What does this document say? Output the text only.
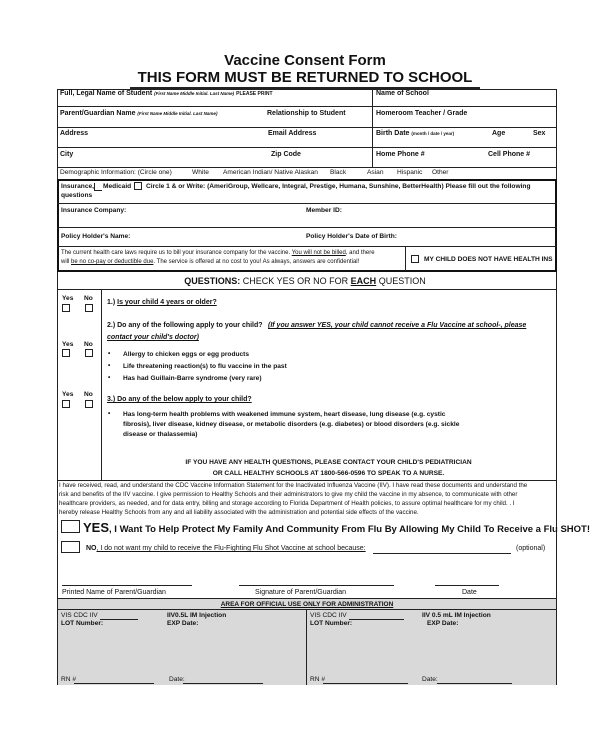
Vaccine Consent Form
THIS FORM MUST BE RETURNED TO SCHOOL
Full, Legal Name of Student (First Name Middle Initial. Last Name) PLEASE PRINT	Name of School
Parent/Guardian Name (First Name Middle Initial. Last Name)	Relationship to Student	Homeroom Teacher / Grade
Address	Email Address	Birth Date (month / date / year)	Age	Sex
City	Zip Code	Home Phone #	Cell Phone #
Demographic Information: (Circle one)	White American Indian/ Native Alaskan Black	Asian Hispanic Other
Insurance, Medicaid Circle 1 & or Write: (AmeriGroup, Wellcare, Integral, Prestige, Humana, Sunshine, BetterHealth) Please fill out the following
questions
Insurance Company:	Member ID:
Policy Holder's Name:	Policy Holder's Date of Birth:
The current health care laws require us to bill your insurance company for the vaccine. You will not be billed, and there
will be no co-pay or deductible due. The service is offered at no cost to you! As always, answers are confidential!	MY CHILD DOES NOT HAVE HEALTH INS
QUESTIONS: CHECK YES OR NO FOR EACH QUESTION
Yes No
1.) Is your child 4 years or older?
2.) Do any of the following apply to your child? (If you answer YES, your child cannot receive a Flu Vaccine at school-, please
contact your child's doctor)
Yes No
• Allergy to chicken eggs or egg products
• Life threatening reaction(s) to flu vaccine in the past
• Has had Guillain-Barre syndrome (very rare)
Yes No
3.) Do any of the below apply to your child?
• Has long-term health problems with weakened immune system, heart disease, lung disease (e.g. cystic
fibrosis), liver disease, kidney disease, or metabolic disorders (e.g. diabetes) or blood disorders (e.g. sickle
disease or thalassemia)
IF YOU HAVE ANY HEALTH QUESTIONS, PLEASE CONTACT YOUR CHILD'S PEDIATRICIAN
OR CALL HEALTHY SCHOOLS AT 1800-566-0596 TO SPEAK TO A NURSE.
I have received, read, and understand the CDC Vaccine Information Statement for the Inactivated Influenza Vaccine (IIV). I have read these documents and understand the
risk and benefits of the IIV vaccine. I give permission to Healthy Schools and their administrators to give my child the vaccine in my absence, to communicate with other
healthcare providers, as needed, and for data entry, billing and storage according to Florida Department of Health policies, to assure optimal healthcare for my child. . I
hereby release Healthy Schools from any and all liability associated with the administration and potential side effects of the vaccine.
YES, I Want To Help Protect My Family And Community From Flu By Allowing My Child To Receive a Flu SHOT!
NO, I do not want my child to receive the Flu-Fighting Flu Shot Vaccine at school because:	(optional)
Printed Name of Parent/Guardian	Signature of Parent/Guardian	Date
AREA FOR OFFICIAL USE ONLY FOR ADMINISTRATION
VIS CDC IIV
LOT Number:
IIV0.5L IM Injection
EXP Date:
RN #	Date:
VIS CDC IIV
LOT Number:
IIV 0.5 mL IM Injection
EXP Date:
RN #	Date:
